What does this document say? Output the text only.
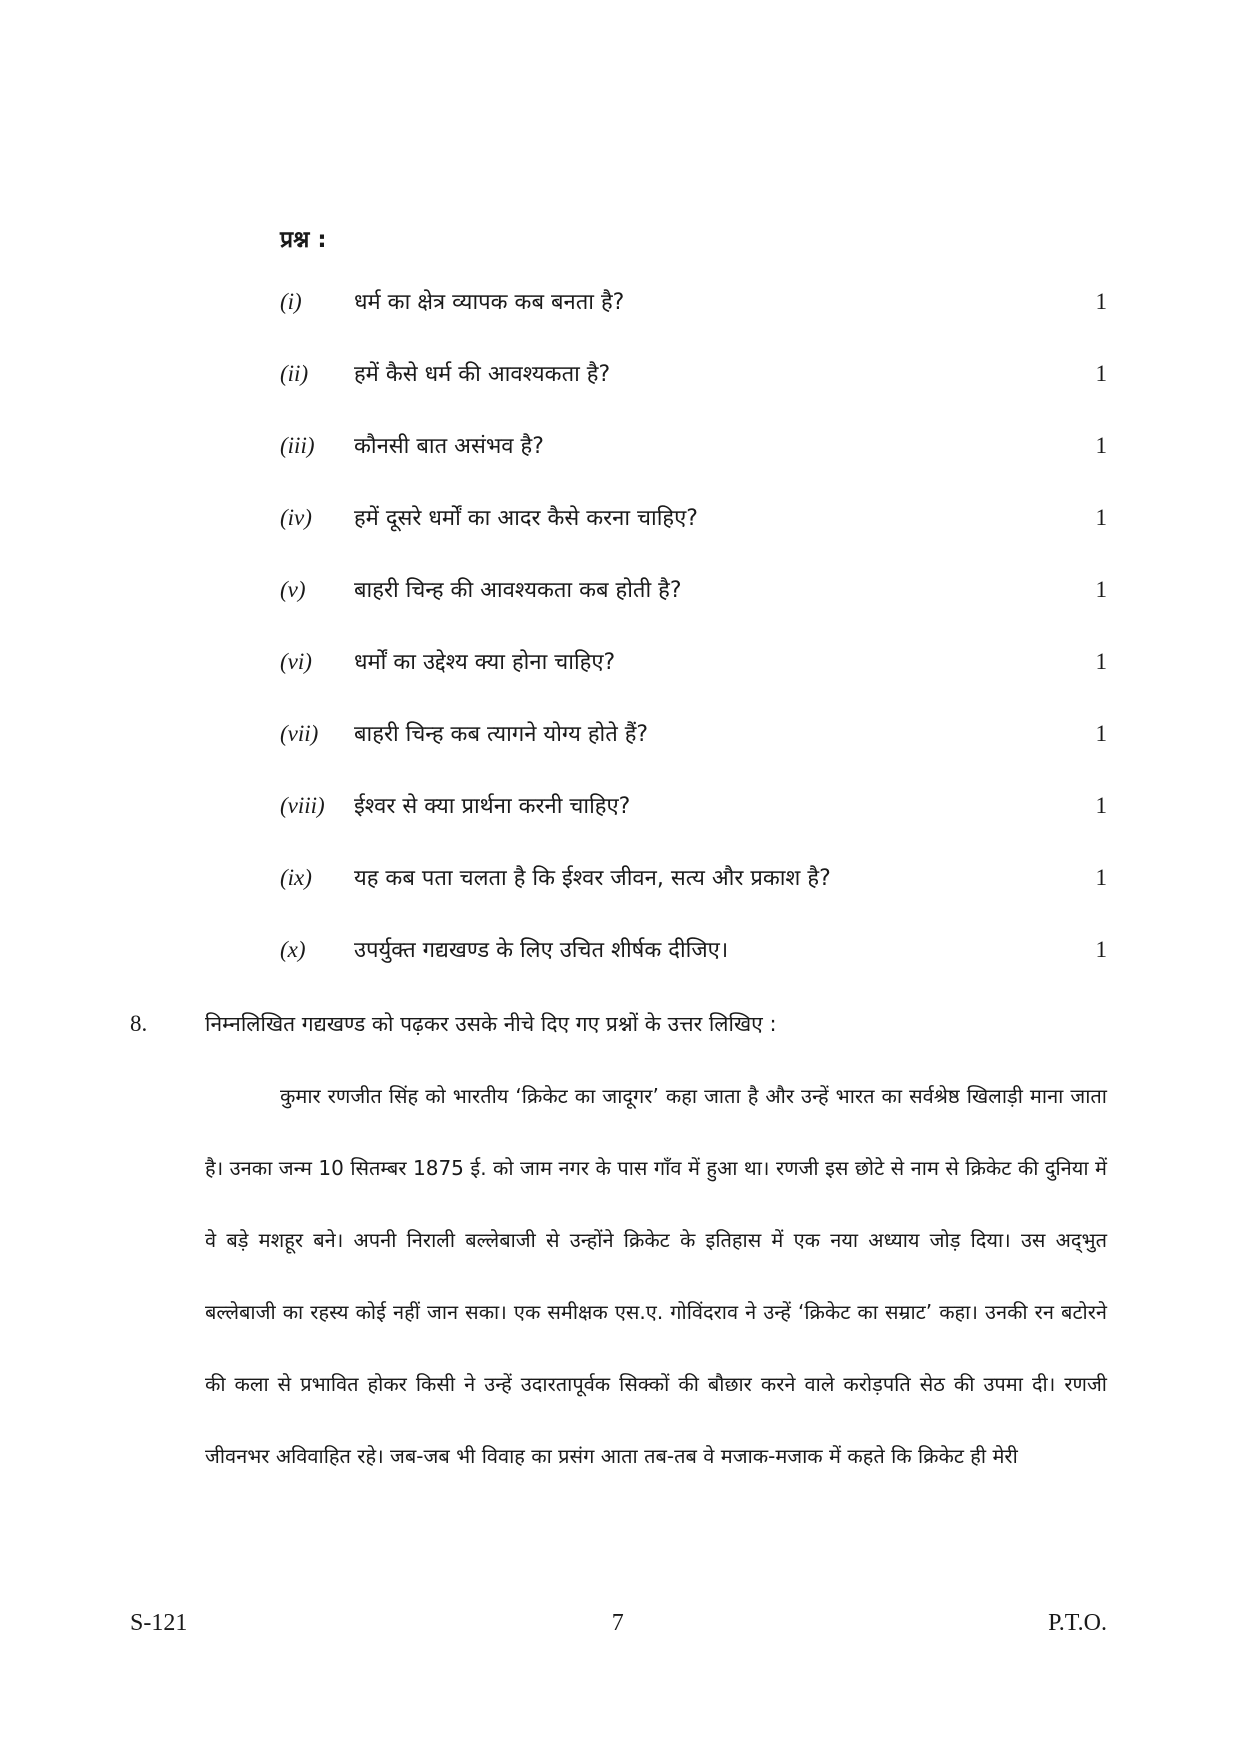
प्रश्न :
(i)	धर्म का क्षेत्र व्यापक कब बनता है?	1
(ii)	हमें कैसे धर्म की आवश्यकता है?	1
(iii)	कौनसी बात असंभव है?	1
(iv)	हमें दूसरे धर्मों का आदर कैसे करना चाहिए?	1
(v)	बाहरी चिन्ह की आवश्यकता कब होती है?	1
(vi)	धर्मों का उद्देश्य क्या होना चाहिए?	1
(vii)	बाहरी चिन्ह कब त्यागने योग्य होते हैं?	1
(viii)	ईश्वर से क्या प्रार्थना करनी चाहिए?	1
(ix)	यह कब पता चलता है कि ईश्वर जीवन, सत्य और प्रकाश है?	1
(x)	उपर्युक्त गद्यखण्ड के लिए उचित शीर्षक दीजिए।	1
8.	निम्नलिखित गद्यखण्ड को पढ़कर उसके नीचे दिए गए प्रश्नों के उत्तर लिखिए :

कुमार रणजीत सिंह को भारतीय ‘क्रिकेट का जादूगर’ कहा जाता है और उन्हें भारत का सर्वश्रेष्ठ खिलाड़ी माना जाता है। उनका जन्म 10 सितम्बर 1875 ई. को जाम नगर के पास गाँव में हुआ था। रणजी इस छोटे से नाम से क्रिकेट की दुनिया में वे बड़े मशहूर बने। अपनी निराली बल्लेबाजी से उन्होंने क्रिकेट के इतिहास में एक नया अध्याय जोड़ दिया। उस अद्‌भुत बल्लेबाजी का रहस्य कोई नहीं जान सका। एक समीक्षक एस.ए. गोविंदराव ने उन्हें ‘क्रिकेट का सम्राट’ कहा। उनकी रन बटोरने की कला से प्रभावित होकर किसी ने उन्हें उदारतापूर्वक सिक्कों की बौछार करने वाले करोड़पति सेठ की उपमा दी। रणजी जीवनभर अविवाहित रहे। जब-जब भी विवाह का प्रसंग आता तब-तब वे मजाक-मजाक में कहते कि क्रिकेट ही मेरी

S-121	7	P.T.O.
